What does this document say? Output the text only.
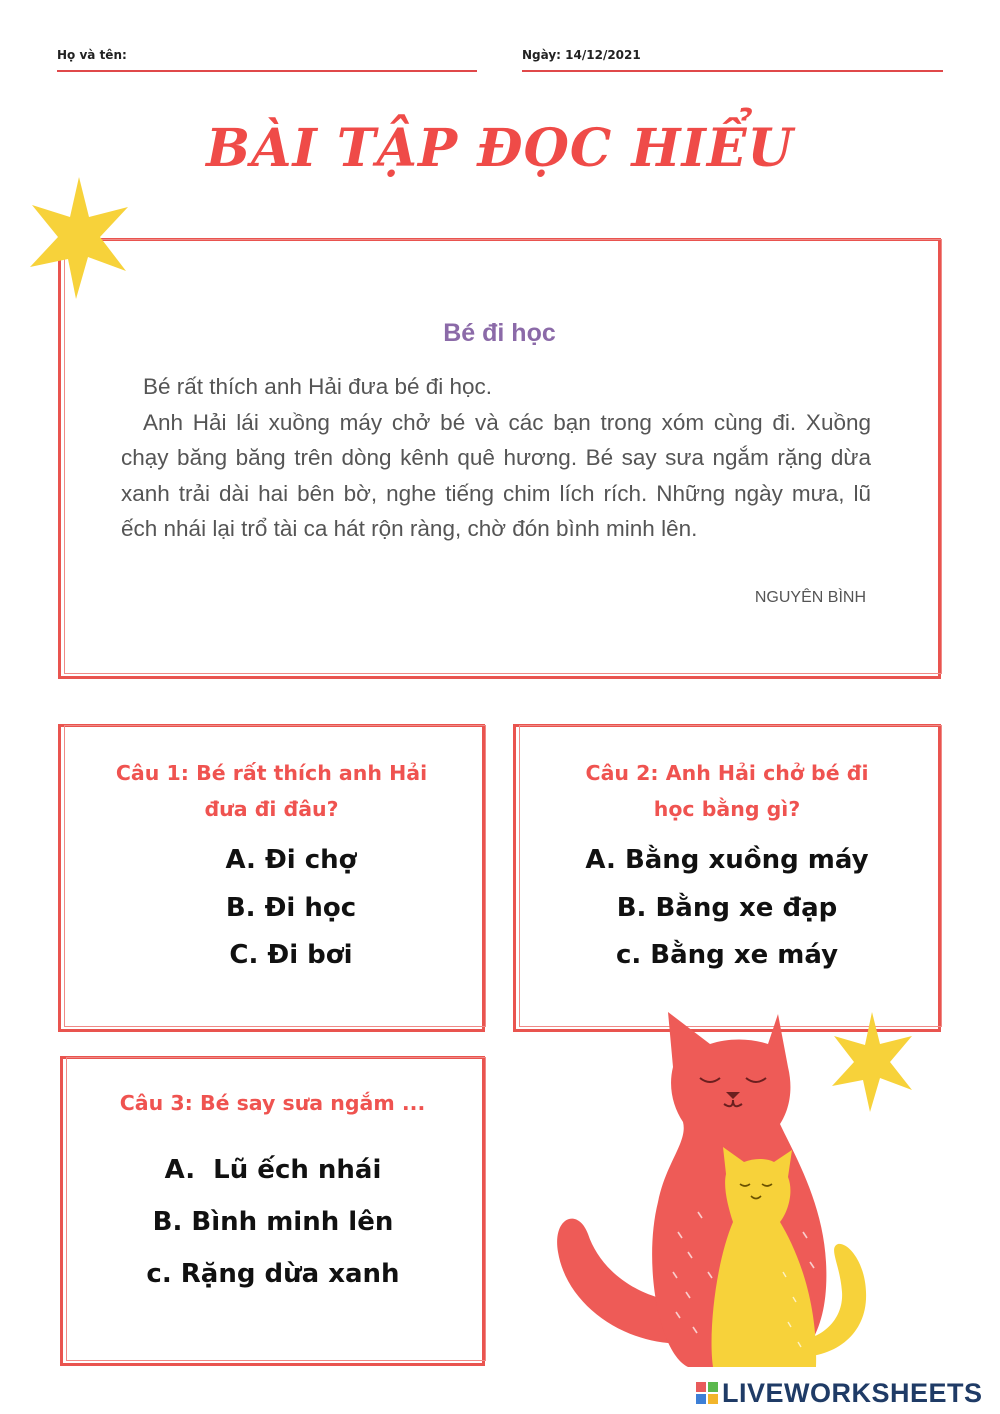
Họ và tên:	Ngày: 14/12/2021
BÀI TẬP ĐỌC HIỂU
Bé đi học

Bé rất thích anh Hải đưa bé đi học.

Anh Hải lái xuồng máy chở bé và các bạn trong xóm cùng đi. Xuồng chạy băng băng trên dòng kênh quê hương. Bé say sưa ngắm rặng dừa xanh trải dài hai bên bờ, nghe tiếng chim lích rích. Những ngày mưa, lũ ếch nhái lại trổ tài ca hát rộn ràng, chờ đón bình minh lên.

NGUYÊN BÌNH
Câu 1: Bé rất thích anh Hải
đưa đi đâu?
A. Đi chợ
B. Đi học
C. Đi bơi
Câu 2: Anh Hải chở bé đi
học bằng gì?
A. Bằng xuồng máy
B. Bằng xe đạp
c. Bằng xe máy
Câu 3: Bé say sưa ngắm ...
A.  Lũ ếch nhái
B. Bình minh lên
c. Rặng dừa xanh
LIVEWORKSHEETS
